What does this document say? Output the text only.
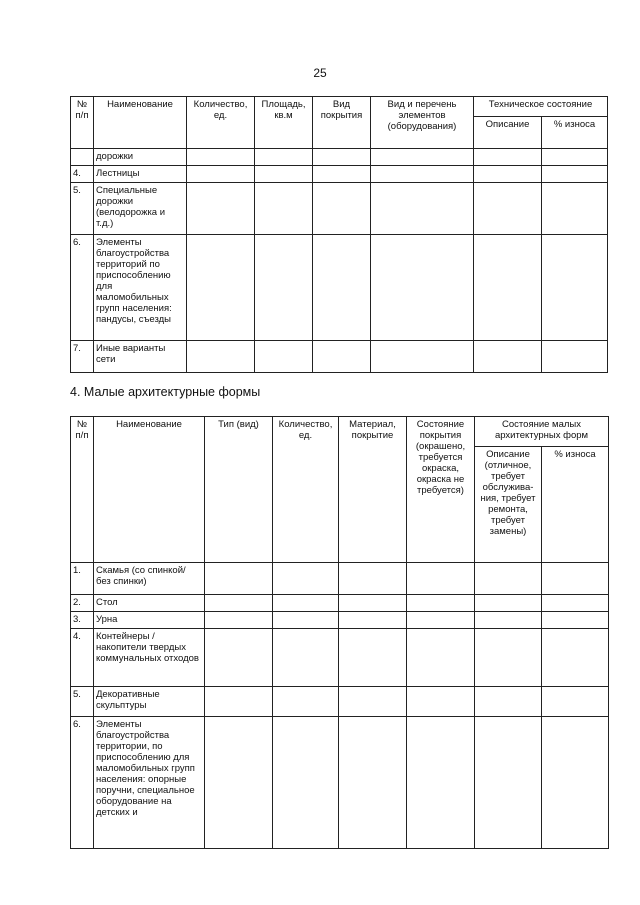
25
№ п/п	Наименование	Количество, ед.	Площадь, кв.м	Вид покрытия	Вид и перечень элементов (оборудования)	Техническое состояние	
						Описание	% износа
	дорожки						
4.	Лестницы						
5.	Специальные дорожки (велодорожка и т.д.)						
6.	Элементы благоустройства территорий по приспособлению для маломобильных групп населения: пандусы, съезды						
7.	Иные варианты сети						
4. Малые архитектурные формы
№ п/п	Наименование	Тип (вид)	Количество, ед.	Материал, покрытие	Состояние покрытия (окрашено, требуется окраска, окраска не требуется)	Состояние малых архитектурных форм	
						Описание (отличное, требует обслужива-ния, требует ремонта, требует замены)	% износа
1.	Скамья (со спинкой/ без спинки)						
2.	Стол						
3.	Урна						
4.	Контейнеры / накопители твердых коммунальных отходов						
5.	Декоративные скульптуры						
6.	Элементы благоустройства территории, по приспособлению для маломобильных групп населения: опорные поручни, специальное оборудование на детских и						
